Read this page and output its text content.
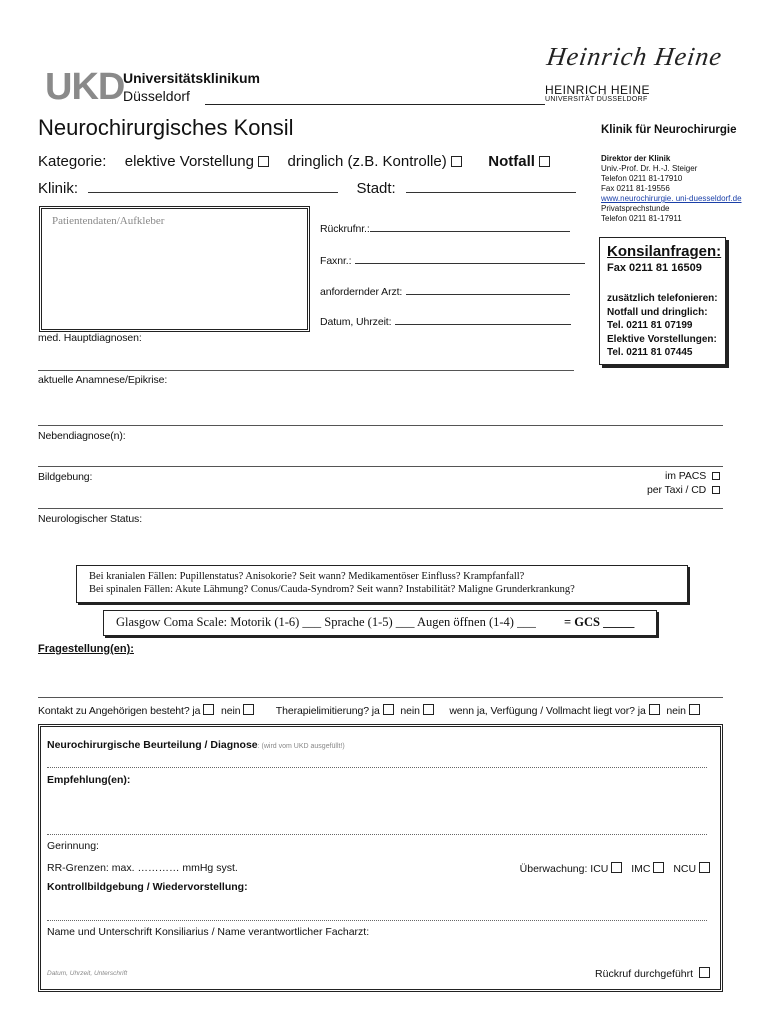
UKD
Universitätsklinikum
Düsseldorf
Heinrich Heine
HEINRICH HEINE
UNIVERSITÄT DÜSSELDORF
Neurochirurgisches Konsil
Kategorie: elektive Vorstellung dringlich (z.B. Kontrolle)	Notfall
Klinik:	Stadt:
Patientendaten/Aufkleber
Rückrufnr.:
Faxnr.:
anfordernder Arzt:
Datum, Uhrzeit:
Klinik für Neurochirurgie
Direktor der Klinik
Univ.-Prof. Dr. H.-J. Steiger
Telefon 0211 81-17910
Fax 0211 81-19556
www.neurochirurgie. uni-duesseldorf.de
Privatsprechstunde
Telefon 0211 81-17911
Konsilanfragen:
Fax 0211 81 16509
zusätzlich telefonieren:
Notfall und dringlich:
Tel. 0211 81 07199
Elektive Vorstellungen:
Tel. 0211 81 07445
med. Hauptdiagnosen:
aktuelle Anamnese/Epikrise:
Nebendiagnose(n):
Bildgebung:	im PACS
per Taxi / CD
Neurologischer Status:
Bei kranialen Fällen: Pupillenstatus? Anisokorie? Seit wann? Medikamentöser Einfluss? Krampfanfall?
Bei spinalen Fällen: Akute Lähmung? Conus/Cauda-Syndrom? Seit wann? Instabilität? Maligne Grunderkrankung?
Glasgow Coma Scale: Motorik (1-6) ___ Sprache (1-5) ___ Augen öffnen (1-4) ___ = GCS _____
Fragestellung(en):
Kontakt zu Angehörigen besteht? ja nein	Therapielimitierung? ja nein	wenn ja, Verfügung / Vollmacht liegt vor? ja nein
Neurochirurgische Beurteilung / Diagnose: (wird vom UKD ausgefüllt!)
Empfehlung(en):
Gerinnung:
RR-Grenzen: max. ………… mmHg syst.	Überwachung: ICU IMC NCU
Kontrollbildgebung / Wiedervorstellung:
Name und Unterschrift Konsiliarius / Name verantwortlicher Facharzt:
Datum, Uhrzeit, Unterschrift	Rückruf durchgeführt
